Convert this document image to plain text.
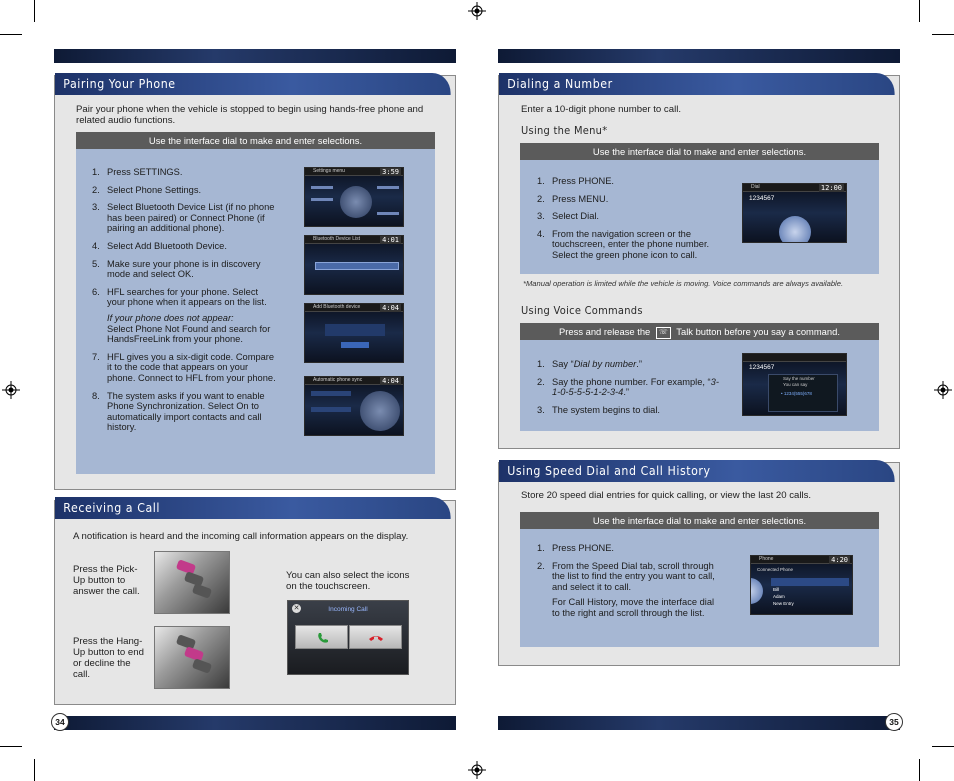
Pairing Your Phone
Pair your phone when the vehicle is stopped to begin using hands-free phone and related audio functions.
Use the interface dial to make and enter selections.
1. Press SETTINGS.
2. Select Phone Settings.
3. Select Bluetooth Device List (if no phone has been paired) or Connect Phone (if pairing an additional phone).
4. Select Add Bluetooth Device.
5. Make sure your phone is in discovery mode and select OK.
6. HFL searches for your phone. Select your phone when it appears on the list.
If your phone does not appear:
Select Phone Not Found and search for HandsFreeLink from your phone.
7. HFL gives you a six-digit code. Compare it to the code that appears on your phone. Connect to HFL from your phone.
8. The system asks if you want to enable Phone Synchronization. Select On to automatically import contacts and call history.
Settings menu	3:59
Bluetooth Device List	4:01
Add Bluetooth device	4:04
Automatic phone sync	4:04
Receiving a Call
A notification is heard and the incoming call information appears on the display.
Press the Pick-Up button to answer the call.
Press the Hang-Up button to end or decline the call.
You can also select the icons on the touchscreen.
✕	Incoming Call
34
Dialing a Number
Enter a 10-digit phone number to call.
Using the Menu*
Use the interface dial to make and enter selections.
1. Press PHONE.
2. Press MENU.
3. Select Dial.
4. From the navigation screen or the touchscreen, enter the phone number. Select the green phone icon to call.
Dial	12:00
1234567
*Manual operation is limited while the vehicle is moving. Voice commands are always available.
Using Voice Commands
Press and release the ☏ Talk button before you say a command.
1. Say “Dial by number.”
2. Say the phone number. For example, “3-1-0-5-5-5-1-2-3-4.”
3. The system begins to dial.
1234567
Say the number
You can say
• 1234(555)678
Using Speed Dial and Call History
Store 20 speed dial entries for quick calling, or view the last 20 calls.
Use the interface dial to make and enter selections.
1. Press PHONE.
2. From the Speed Dial tab, scroll through the list to find the entry you want to call, and select it to call.
For Call History, move the interface dial to the right and scroll through the list.
Phone	4:20
Connected Phone
Bill
Adam
New Entry
35
